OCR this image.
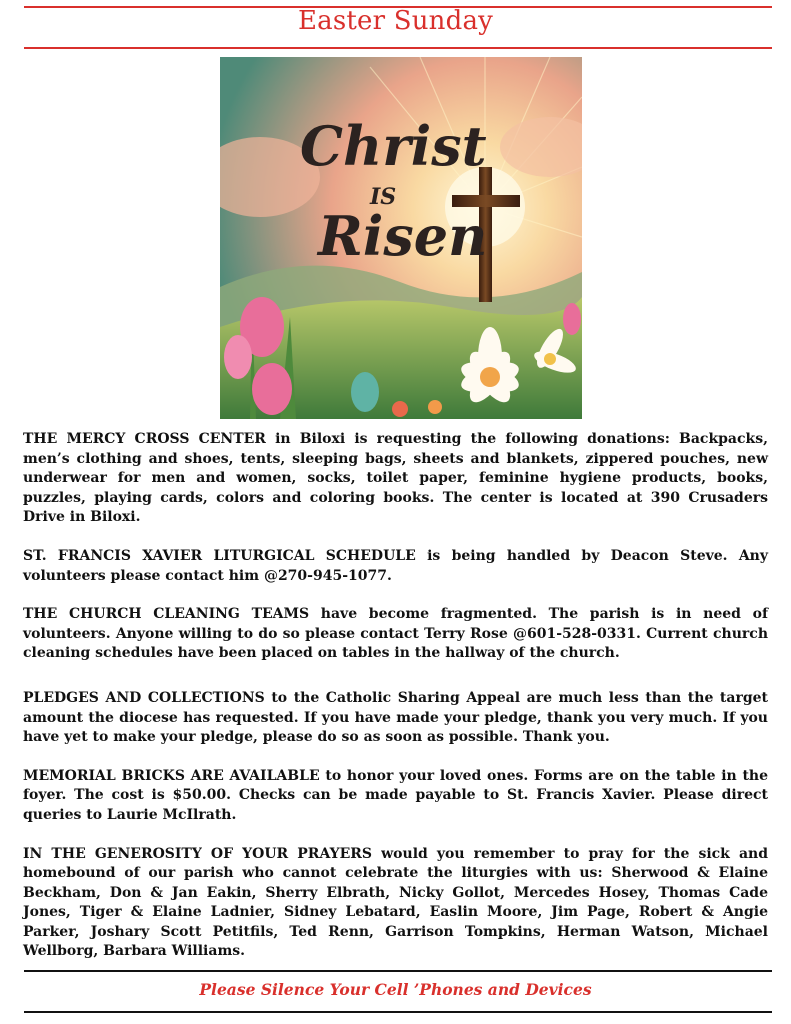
Easter Sunday
Christ
IS
Risen

THE MERCY CROSS CENTER in Biloxi is requesting the following donations: Backpacks, men’s clothing and shoes, tents, sleeping bags, sheets and blankets, zippered pouches, new underwear for men and women, socks, toilet paper, feminine hygiene products, books, puzzles, playing cards, colors and coloring books. The center is located at 390 Crusaders Drive in Biloxi.

ST. FRANCIS XAVIER LITURGICAL SCHEDULE is being handled by Deacon Steve. Any volunteers please contact him @270-945-1077.

THE CHURCH CLEANING TEAMS have become fragmented. The parish is in need of volunteers. Anyone willing to do so please contact Terry Rose @601-528-0331. Current church cleaning schedules have been placed on tables in the hallway of the church.

PLEDGES AND COLLECTIONS to the Catholic Sharing Appeal are much less than the target amount the diocese has requested. If you have made your pledge, thank you very much. If you have yet to make your pledge, please do so as soon as possible. Thank you.

MEMORIAL BRICKS ARE AVAILABLE to honor your loved ones. Forms are on the table in the foyer. The cost is $50.00. Checks can be made payable to St. Francis Xavier. Please direct queries to Laurie McIlrath.

IN THE GENEROSITY OF YOUR PRAYERS would you remember to pray for the sick and homebound of our parish who cannot celebrate the liturgies with us: Sherwood & Elaine Beckham, Don & Jan Eakin, Sherry Elbrath, Nicky Gollot, Mercedes Hosey, Thomas Cade Jones, Tiger & Elaine Ladnier, Sidney Lebatard, Easlin Moore, Jim Page, Robert & Angie Parker, Joshary Scott Petitfils, Ted Renn, Garrison Tompkins, Herman Watson, Michael Wellborg, Barbara Williams.

Please Silence Your Cell ’Phones and Devices
